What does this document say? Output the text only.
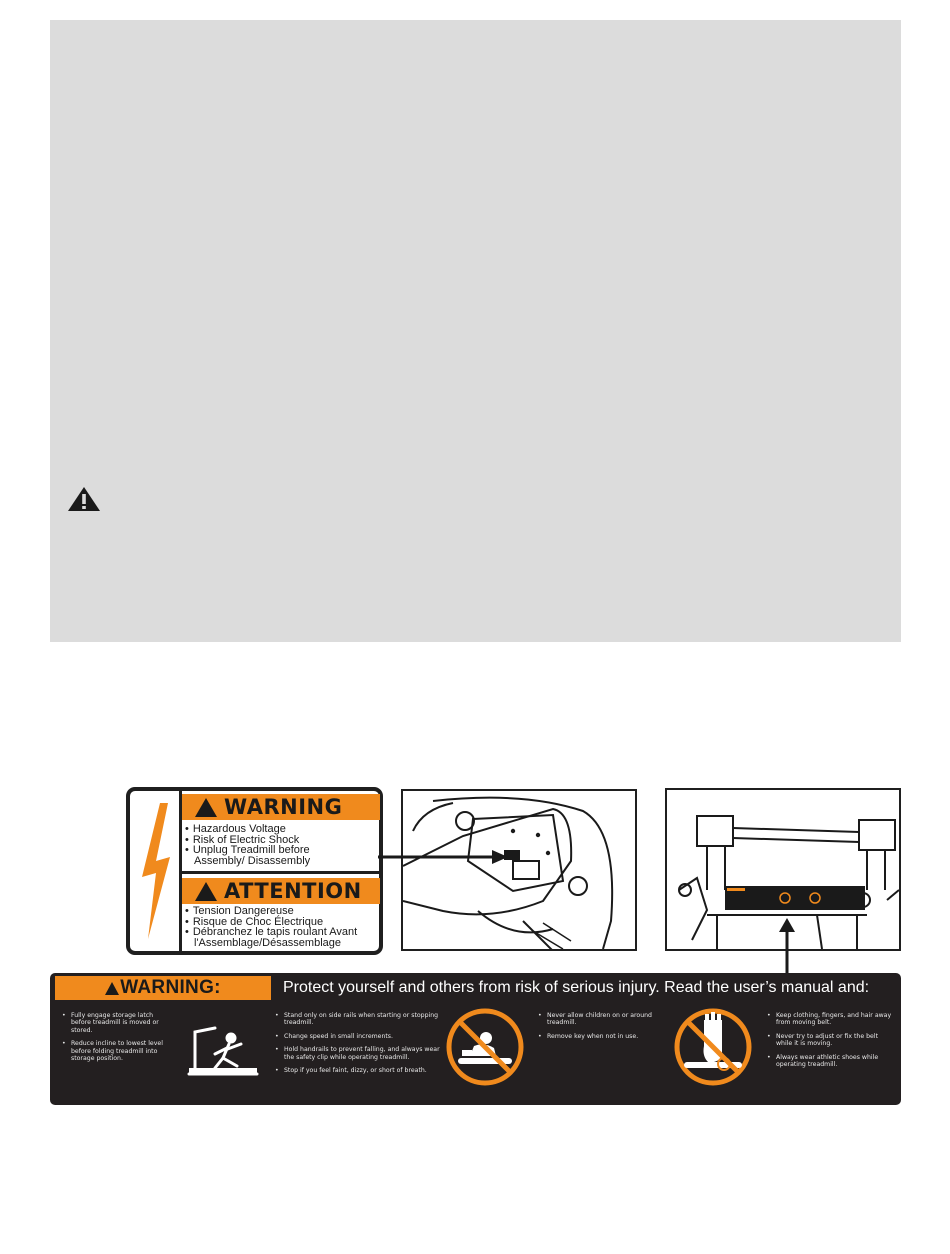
WARNING
• Hazardous Voltage
• Risk of Electric Shock
• Unplug Treadmill before
Assembly/ Disassembly
ATTENTION
• Tension Dangereuse
• Risque de Choc Électrique
• Débranchez le tapis roulant Avant
l'Assemblage/Désassemblage
WARNING:	Protect yourself and others from risk of serious injury. Read the user’s manual and:
• Fully engage storage latch before treadmill is moved or stored.
• Reduce incline to lowest level before folding treadmill into storage position.
• Stand only on side rails when starting or stopping treadmill.
• Change speed in small increments.
• Hold handrails to prevent falling, and always wear the safety clip while operating treadmill.
• Stop if you feel faint, dizzy, or short of breath.
• Never allow children on or around treadmill.
• Remove key when not in use.
• Keep clothing, fingers, and hair away from moving belt.
• Never try to adjust or fix the belt while it is moving.
• Always wear athletic shoes while operating treadmill.
